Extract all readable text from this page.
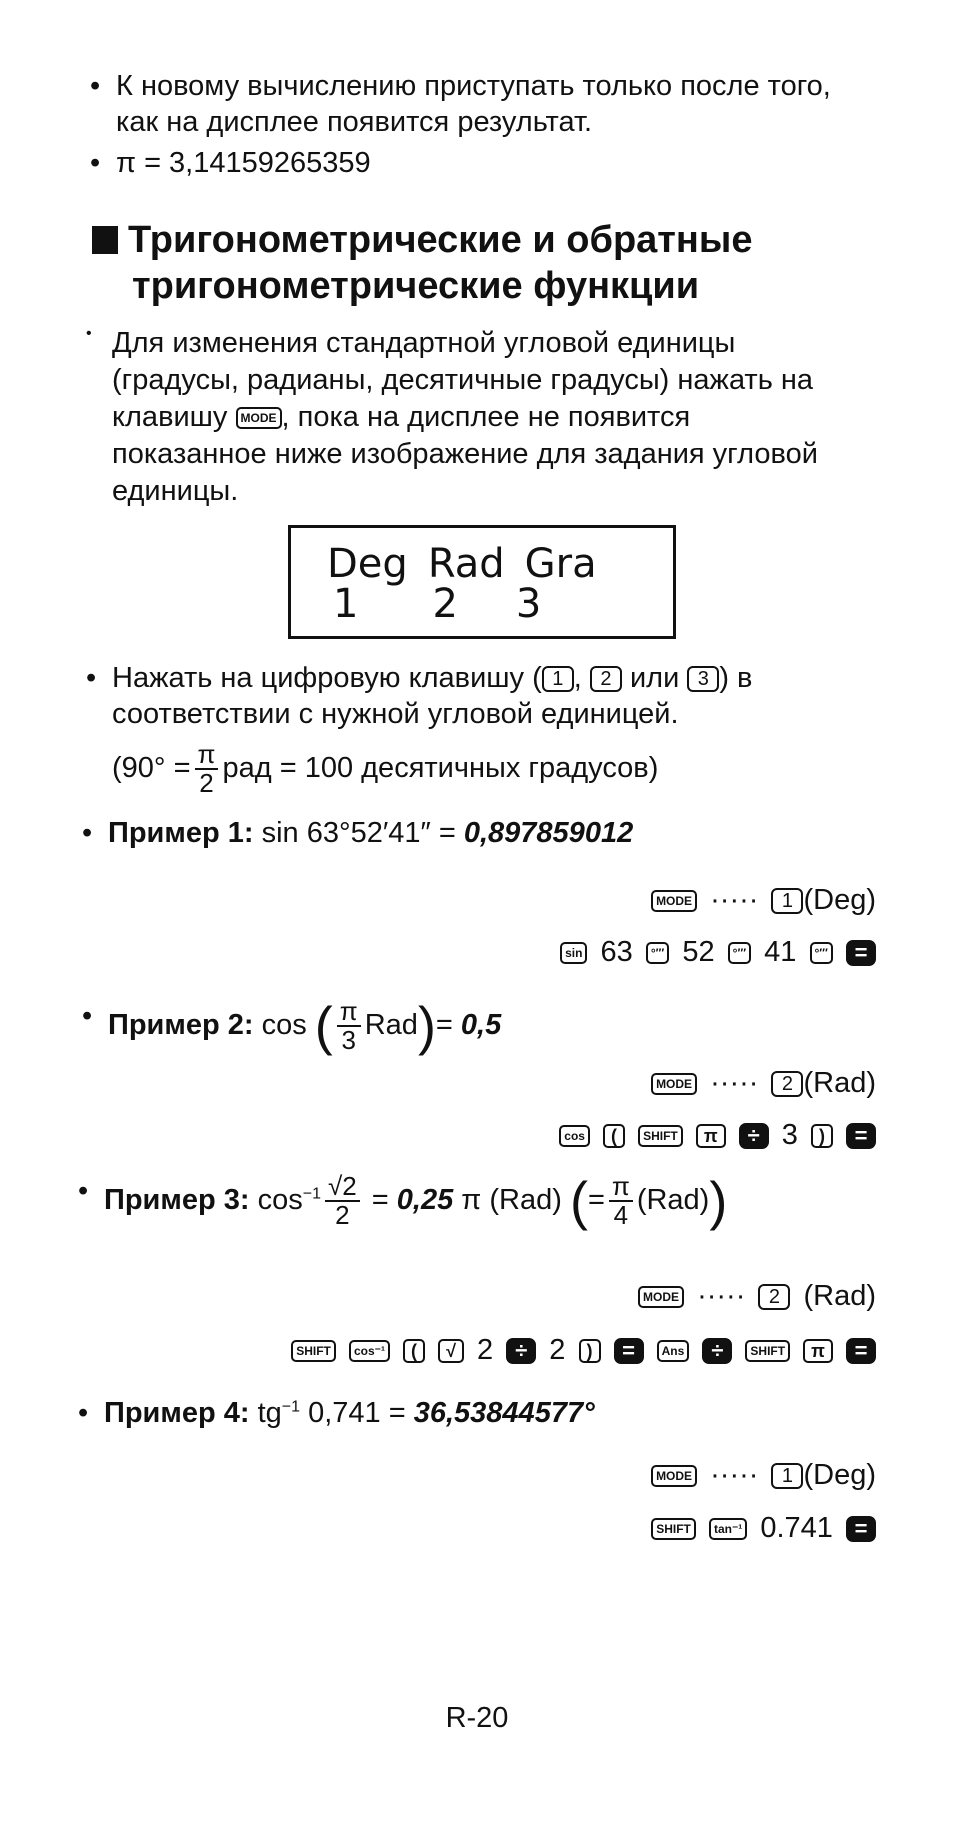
• К новому вычислению приступать только после того,
как на дисплее появится результат.
• π = 3,14159265359
Тригонометрические и обратные
тригонометрические функции
• Для изменения стандартной угловой единицы
(градусы, радианы, десятичные градусы) нажать на
клавишу MODE , пока на дисплее не появится
показанное ниже изображение для задания угловой
единицы.
Deg Rad Gra
1 2 3
• Нажать на цифровую клавишу ( 1 , 2 или 3 ) в
соответствии с нужной угловой единицей.
($90^\circ = \frac{\pi}{2}$ рад = 100 десятичных градусов)
• Пример 1: sin 63°52′41″ = 0,897859012
MODE ····· 1 (Deg)
sin 63 °′″ 52 °′″ 41 °′″ =
• Пример 2: cos ( $\frac{\pi}{3} Rad)= 0,5$
MODE ····· 2 (Rad)
cos ( SHIFT π ÷ 3 ) =
• Пример 3: $\cos^{-1} \frac{√2}{2} = 0,25$ π (Rad) (= $\frac{\pi}{4} (Rad)$)
MODE ····· 2 (Rad)
SHIFT cos⁻¹ ( √ 2 ÷ 2 ) = Ans ÷ SHIFT π =
• Пример 4: $tg^{-1}$ 0,741 = 36,53844577°
MODE ····· 1 (Deg)
SHIFT tan⁻¹ 0.741 =
R-20
